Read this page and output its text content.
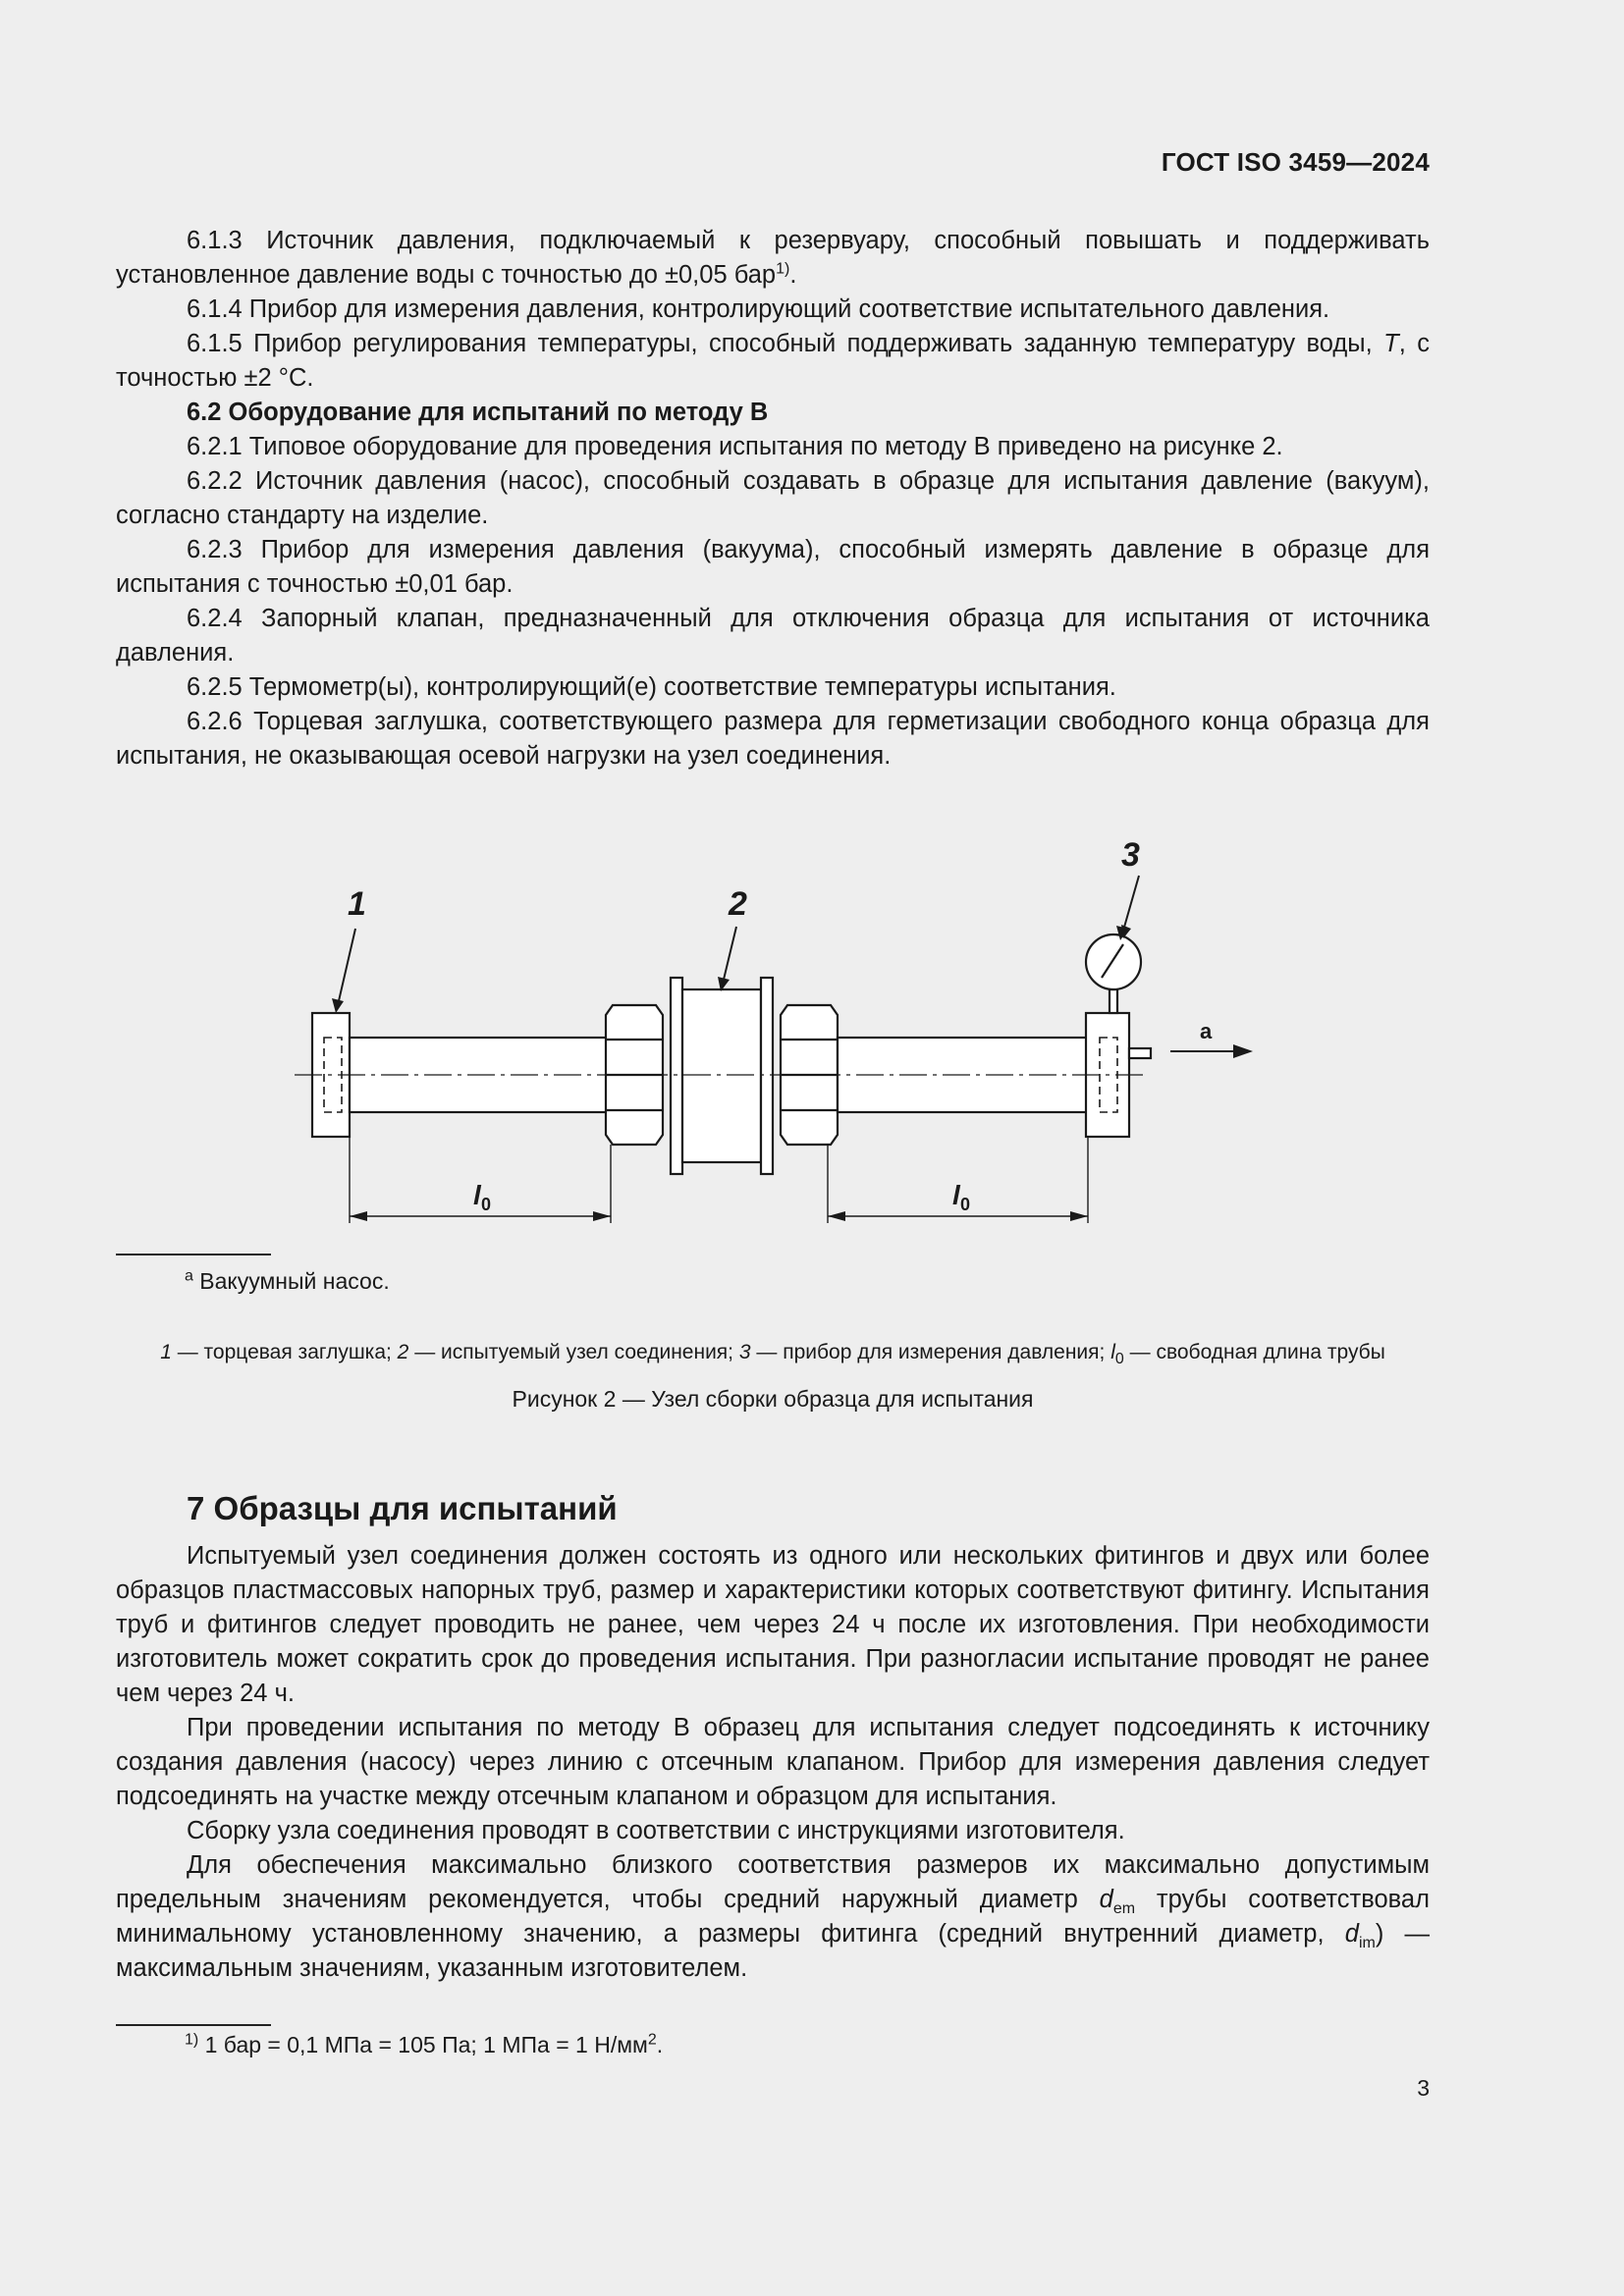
ГОСТ ISO 3459—2024

6.1.3 Источник давления, подключаемый к резервуару, способный повышать и поддерживать установленное давление воды с точностью до ±0,05 бар$^{1)}$.

6.1.4 Прибор для измерения давления, контролирующий соответствие испытательного давления.

6.1.5 Прибор регулирования температуры, способный поддерживать заданную температуру воды, T, с точностью ±2 °С.

6.2 Оборудование для испытаний по методу В

6.2.1 Типовое оборудование для проведения испытания по методу В приведено на рисунке 2.

6.2.2 Источник давления (насос), способный создавать в образце для испытания давление (вакуум), согласно стандарту на изделие.

6.2.3 Прибор для измерения давления (вакуума), способный измерять давление в образце для испытания с точностью ±0,01 бар.

6.2.4 Запорный клапан, предназначенный для отключения образца для испытания от источника давления.

6.2.5 Термометр(ы), контролирующий(е) соответствие температуры испытания.

6.2.6 Торцевая заглушка, соответствующего размера для герметизации свободного конца образца для испытания, не оказывающая осевой нагрузки на узел соединения.

1	2
3
a
l 0	l 0
$^a$ Вакуумный насос.
1 — торцевая заглушка; 2 — испытуемый узел соединения; 3 — прибор для измерения давления; $l_0$ — свободная длина трубы
Рисунок 2 — Узел сборки образца для испытания
7 Образцы для испытаний

Испытуемый узел соединения должен состоять из одного или нескольких фитингов и двух или более образцов пластмассовых напорных труб, размер и характеристики которых соответствуют фитингу. Испытания труб и фитингов следует проводить не ранее, чем через 24 ч после их изготовления. При необходимости изготовитель может сократить срок до проведения испытания. При разногласии испытание проводят не ранее чем через 24 ч.

При проведении испытания по методу В образец для испытания следует подсоединять к источнику создания давления (насосу) через линию с отсечным клапаном. Прибор для измерения давления следует подсоединять на участке между отсечным клапаном и образцом для испытания.

Сборку узла соединения проводят в соответствии с инструкциями изготовителя.

Для обеспечения максимально близкого соответствия размеров их максимально допустимым предельным значениям рекомендуется, чтобы средний наружный диаметр $d_{em}$ трубы соответствовал минимальному установленному значению, а размеры фитинга (средний внутренний диаметр, $d_{im}$) — максимальным значениям, указанным изготовителем.

$^{1)}$ 1 бар = 0,1 МПа = 105 Па; 1 МПа = 1 $Н/мм^2$.
3
